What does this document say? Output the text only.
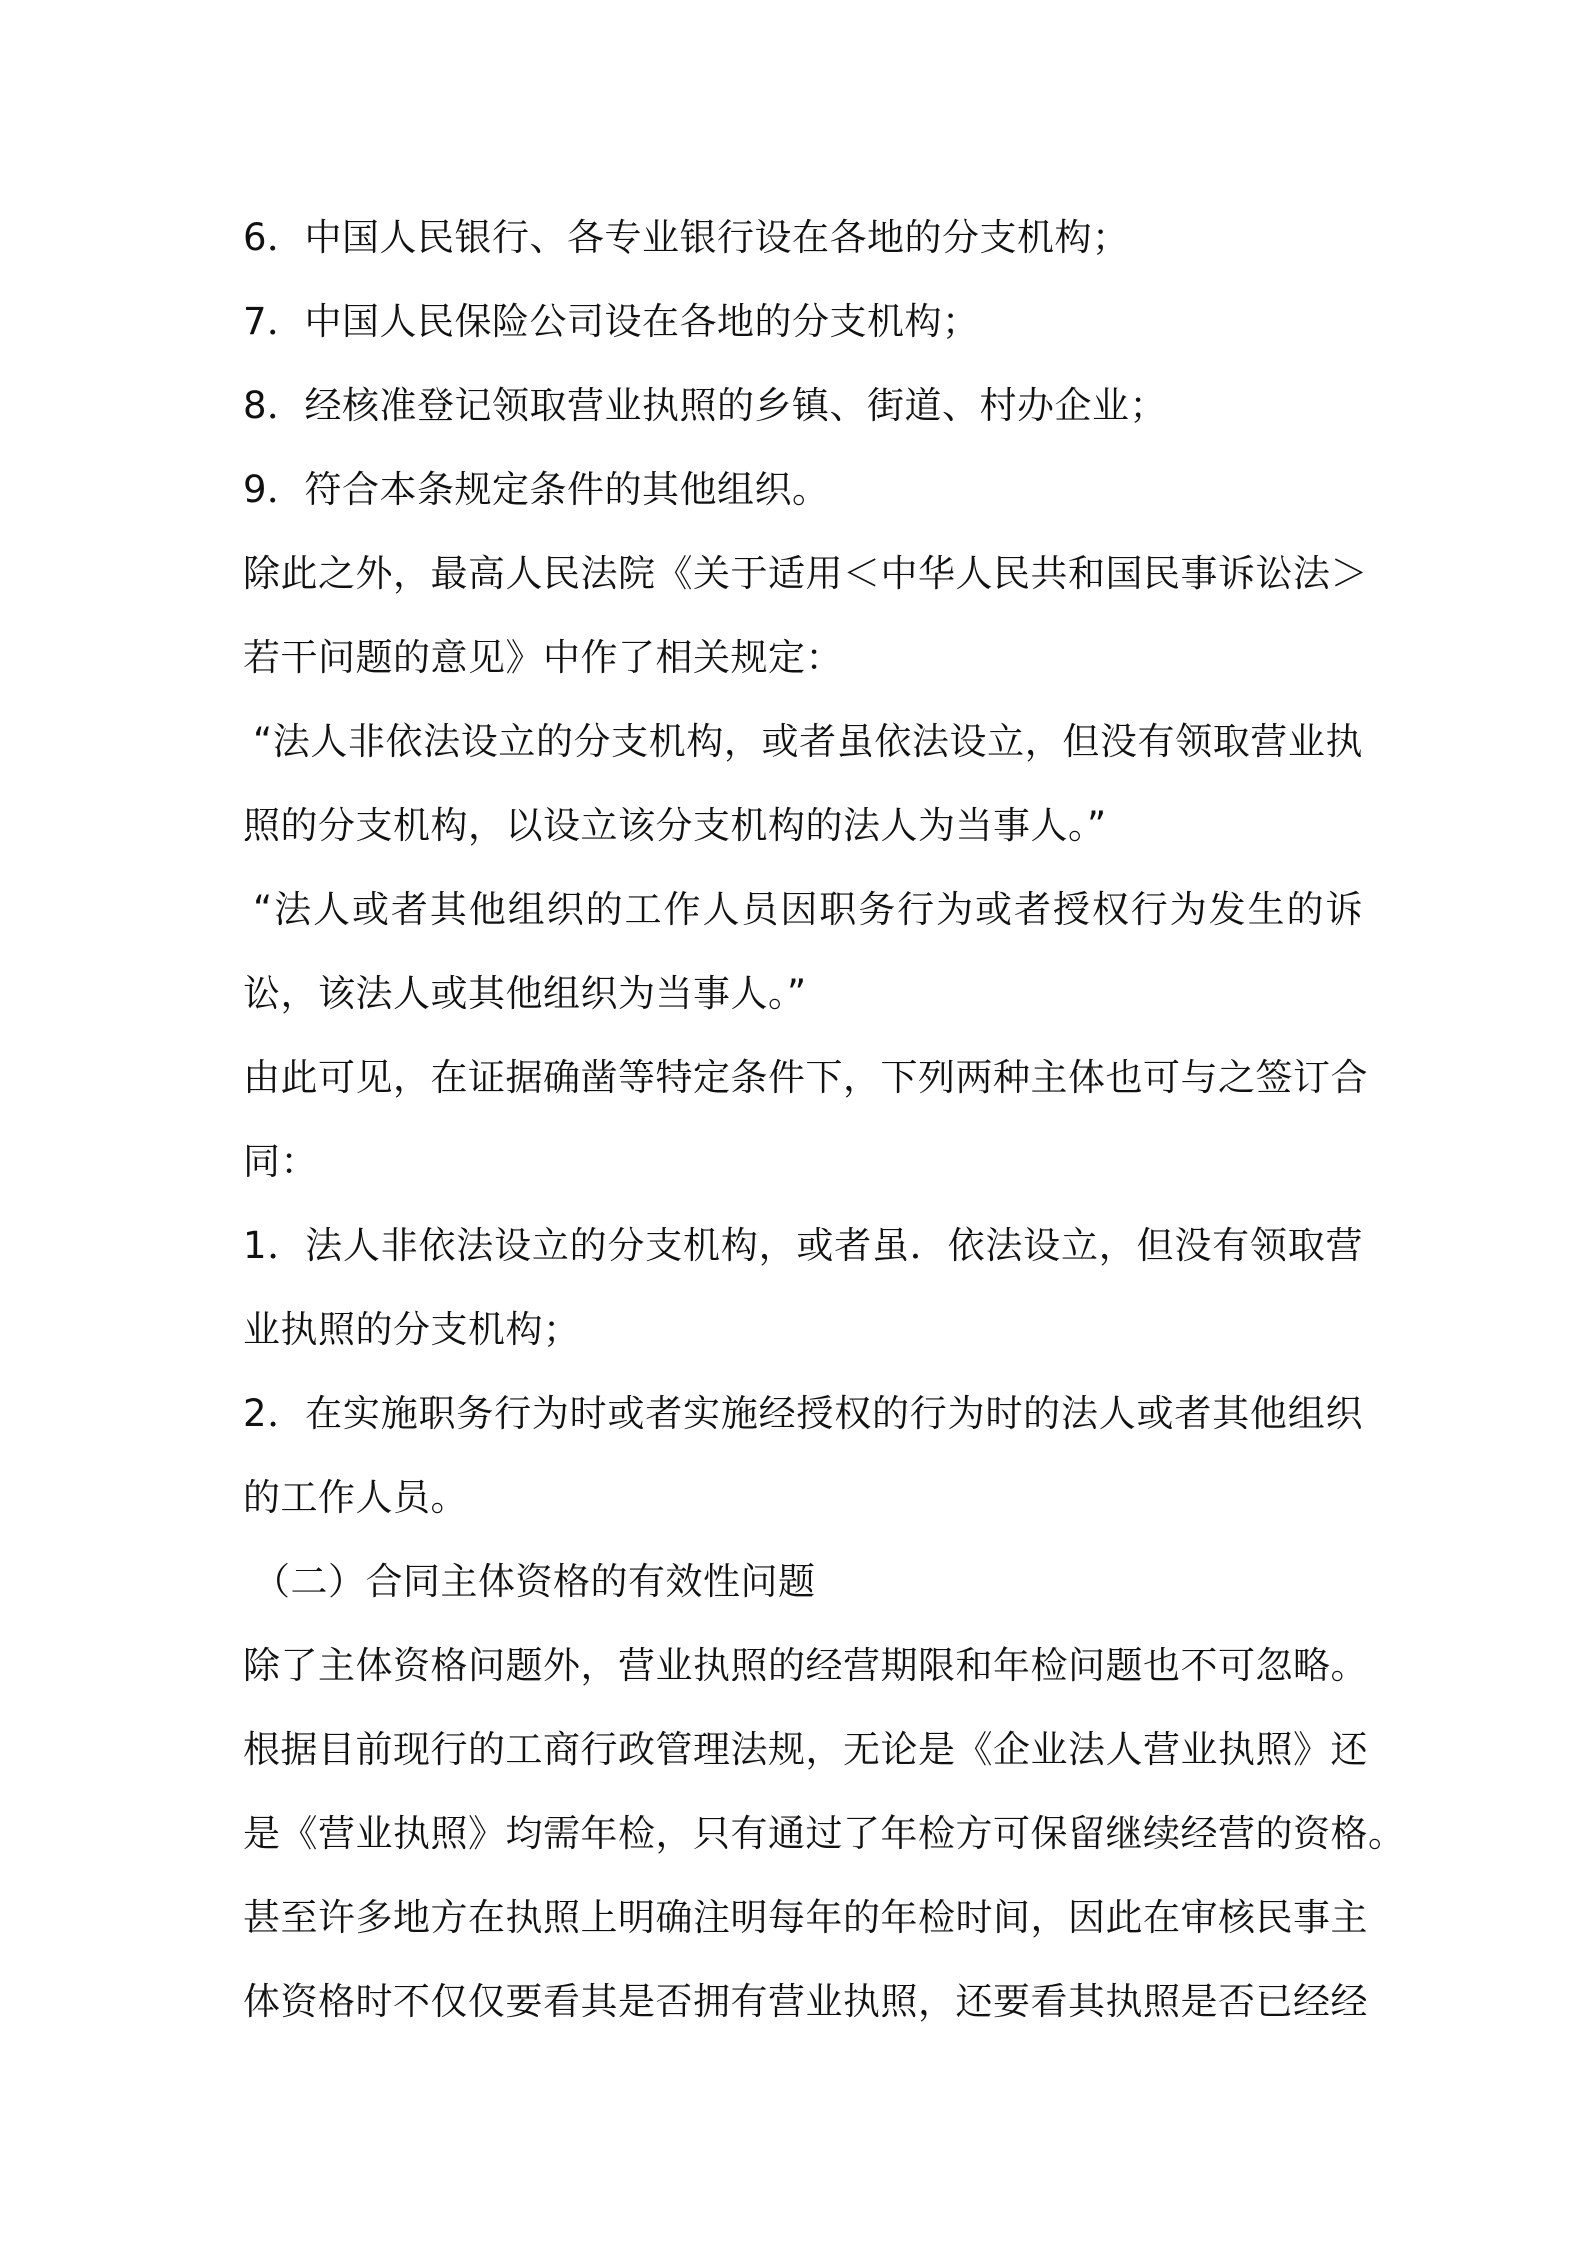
6．中国人民银行、各专业银行设在各地的分支机构；
7．中国人民保险公司设在各地的分支机构；
8．经核准登记领取营业执照的乡镇、街道、村办企业；
9．符合本条规定条件的其他组织。
除此之外，最高人民法院《关于适用＜中华人民共和国民事诉讼法＞
若干问题的意见》中作了相关规定：
“法人非依法设立的分支机构，或者虽依法设立，但没有领取营业执
照的分支机构，以设立该分支机构的法人为当事人。”
“法人或者其他组织的工作人员因职务行为或者授权行为发生的诉
讼，该法人或其他组织为当事人。”
由此可见，在证据确凿等特定条件下，下列两种主体也可与之签订合
同：
1．法人非依法设立的分支机构，或者虽．依法设立，但没有领取营
业执照的分支机构；
2．在实施职务行为时或者实施经授权的行为时的法人或者其他组织
的工作人员。
（二）合同主体资格的有效性问题
除了主体资格问题外，营业执照的经营期限和年检问题也不可忽略。
根据目前现行的工商行政管理法规，无论是《企业法人营业执照》还
是《营业执照》均需年检，只有通过了年检方可保留继续经营的资格。
甚至许多地方在执照上明确注明每年的年检时间，因此在审核民事主
体资格时不仅仅要看其是否拥有营业执照，还要看其执照是否已经经
